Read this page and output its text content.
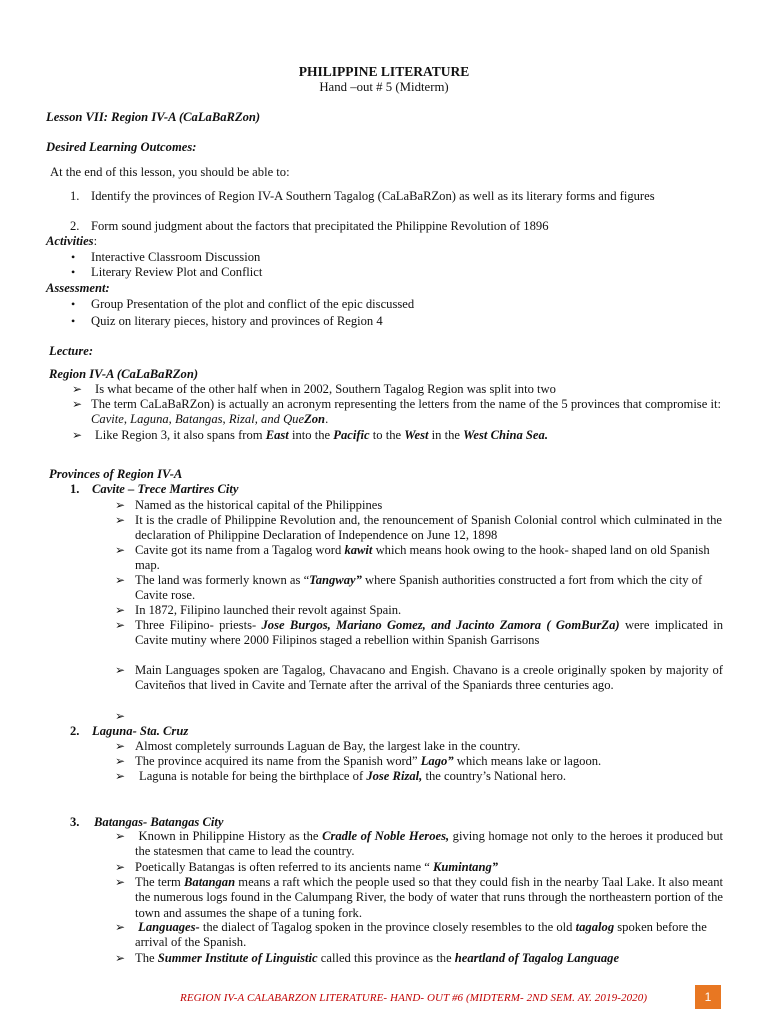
PHILIPPINE LITERATURE
Hand –out # 5 (Midterm)
Lesson VII: Region IV-A (CaLaBaRZon)
Desired Learning Outcomes:
At the end of this lesson, you should be able to:
1. Identify the provinces of Region IV-A Southern Tagalog (CaLaBaRZon) as well as its literary forms and figures
2. Form sound judgment about the factors that precipitated the Philippine Revolution of 1896
Activities:
• Interactive Classroom Discussion
• Literary Review Plot and Conflict
Assessment:
• Group Presentation of the plot and conflict of the epic discussed
• Quiz on literary pieces, history and provinces of Region 4
Lecture:
Region IV-A (CaLaBaRZon)
➢ Is what became of the other half when in 2002, Southern Tagalog Region was split into two
➢ The term CaLaBaRZon) is actually an acronym representing the letters from the name of the 5 provinces that compromise it: Cavite, Laguna, Batangas, Rizal, and QueZon.
➢ Like Region 3, it also spans from East into the Pacific to the West in the West China Sea.
Provinces of Region IV-A
1. Cavite – Trece Martires City
➢ Named as the historical capital of the Philippines
➢ It is the cradle of Philippine Revolution and, the renouncement of Spanish Colonial control which culminated in the declaration of Philippine Declaration of Independence on June 12, 1898
➢ Cavite got its name from a Tagalog word kawit which means hook owing to the hook- shaped land on old Spanish map.
➢ The land was formerly known as “Tangway” where Spanish authorities constructed a fort from which the city of Cavite rose.
➢ In 1872, Filipino launched their revolt against Spain.
➢ Three Filipino- priests- Jose Burgos, Mariano Gomez, and Jacinto Zamora ( GomBurZa) were implicated in Cavite mutiny where 2000 Filipinos staged a rebellion within Spanish Garrisons
➢ Main Languages spoken are Tagalog, Chavacano and Engish. Chavano is a creole originally spoken by majority of Caviteños that lived in Cavite and Ternate after the arrival of the Spaniards three centuries ago.
➢
2. Laguna- Sta. Cruz
➢ Almost completely surrounds Laguan de Bay, the largest lake in the country.
➢ The province acquired its name from the Spanish word” Lago” which means lake or lagoon.
➢ Laguna is notable for being the birthplace of Jose Rizal, the country’s National hero.
3. Batangas- Batangas City
➢ Known in Philippine History as the Cradle of Noble Heroes, giving homage not only to the heroes it produced but the statesmen that came to lead the country.
➢ Poetically Batangas is often referred to its ancients name “ Kumintang”
➢ The term Batangan means a raft which the people used so that they could fish in the nearby Taal Lake. It also meant the numerous logs found in the Calumpang River, the body of water that runs through the northeastern portion of the town and assumes the shape of a tuning fork.
➢ Languages- the dialect of Tagalog spoken in the province closely resembles to the old tagalog spoken before the arrival of the Spanish.
➢ The Summer Institute of Linguistic called this province as the heartland of Tagalog Language
REGION IV-A CALABARZON LITERATURE- HAND- OUT #6 (MIDTERM- 2ND SEM. AY. 2019-2020)	1
